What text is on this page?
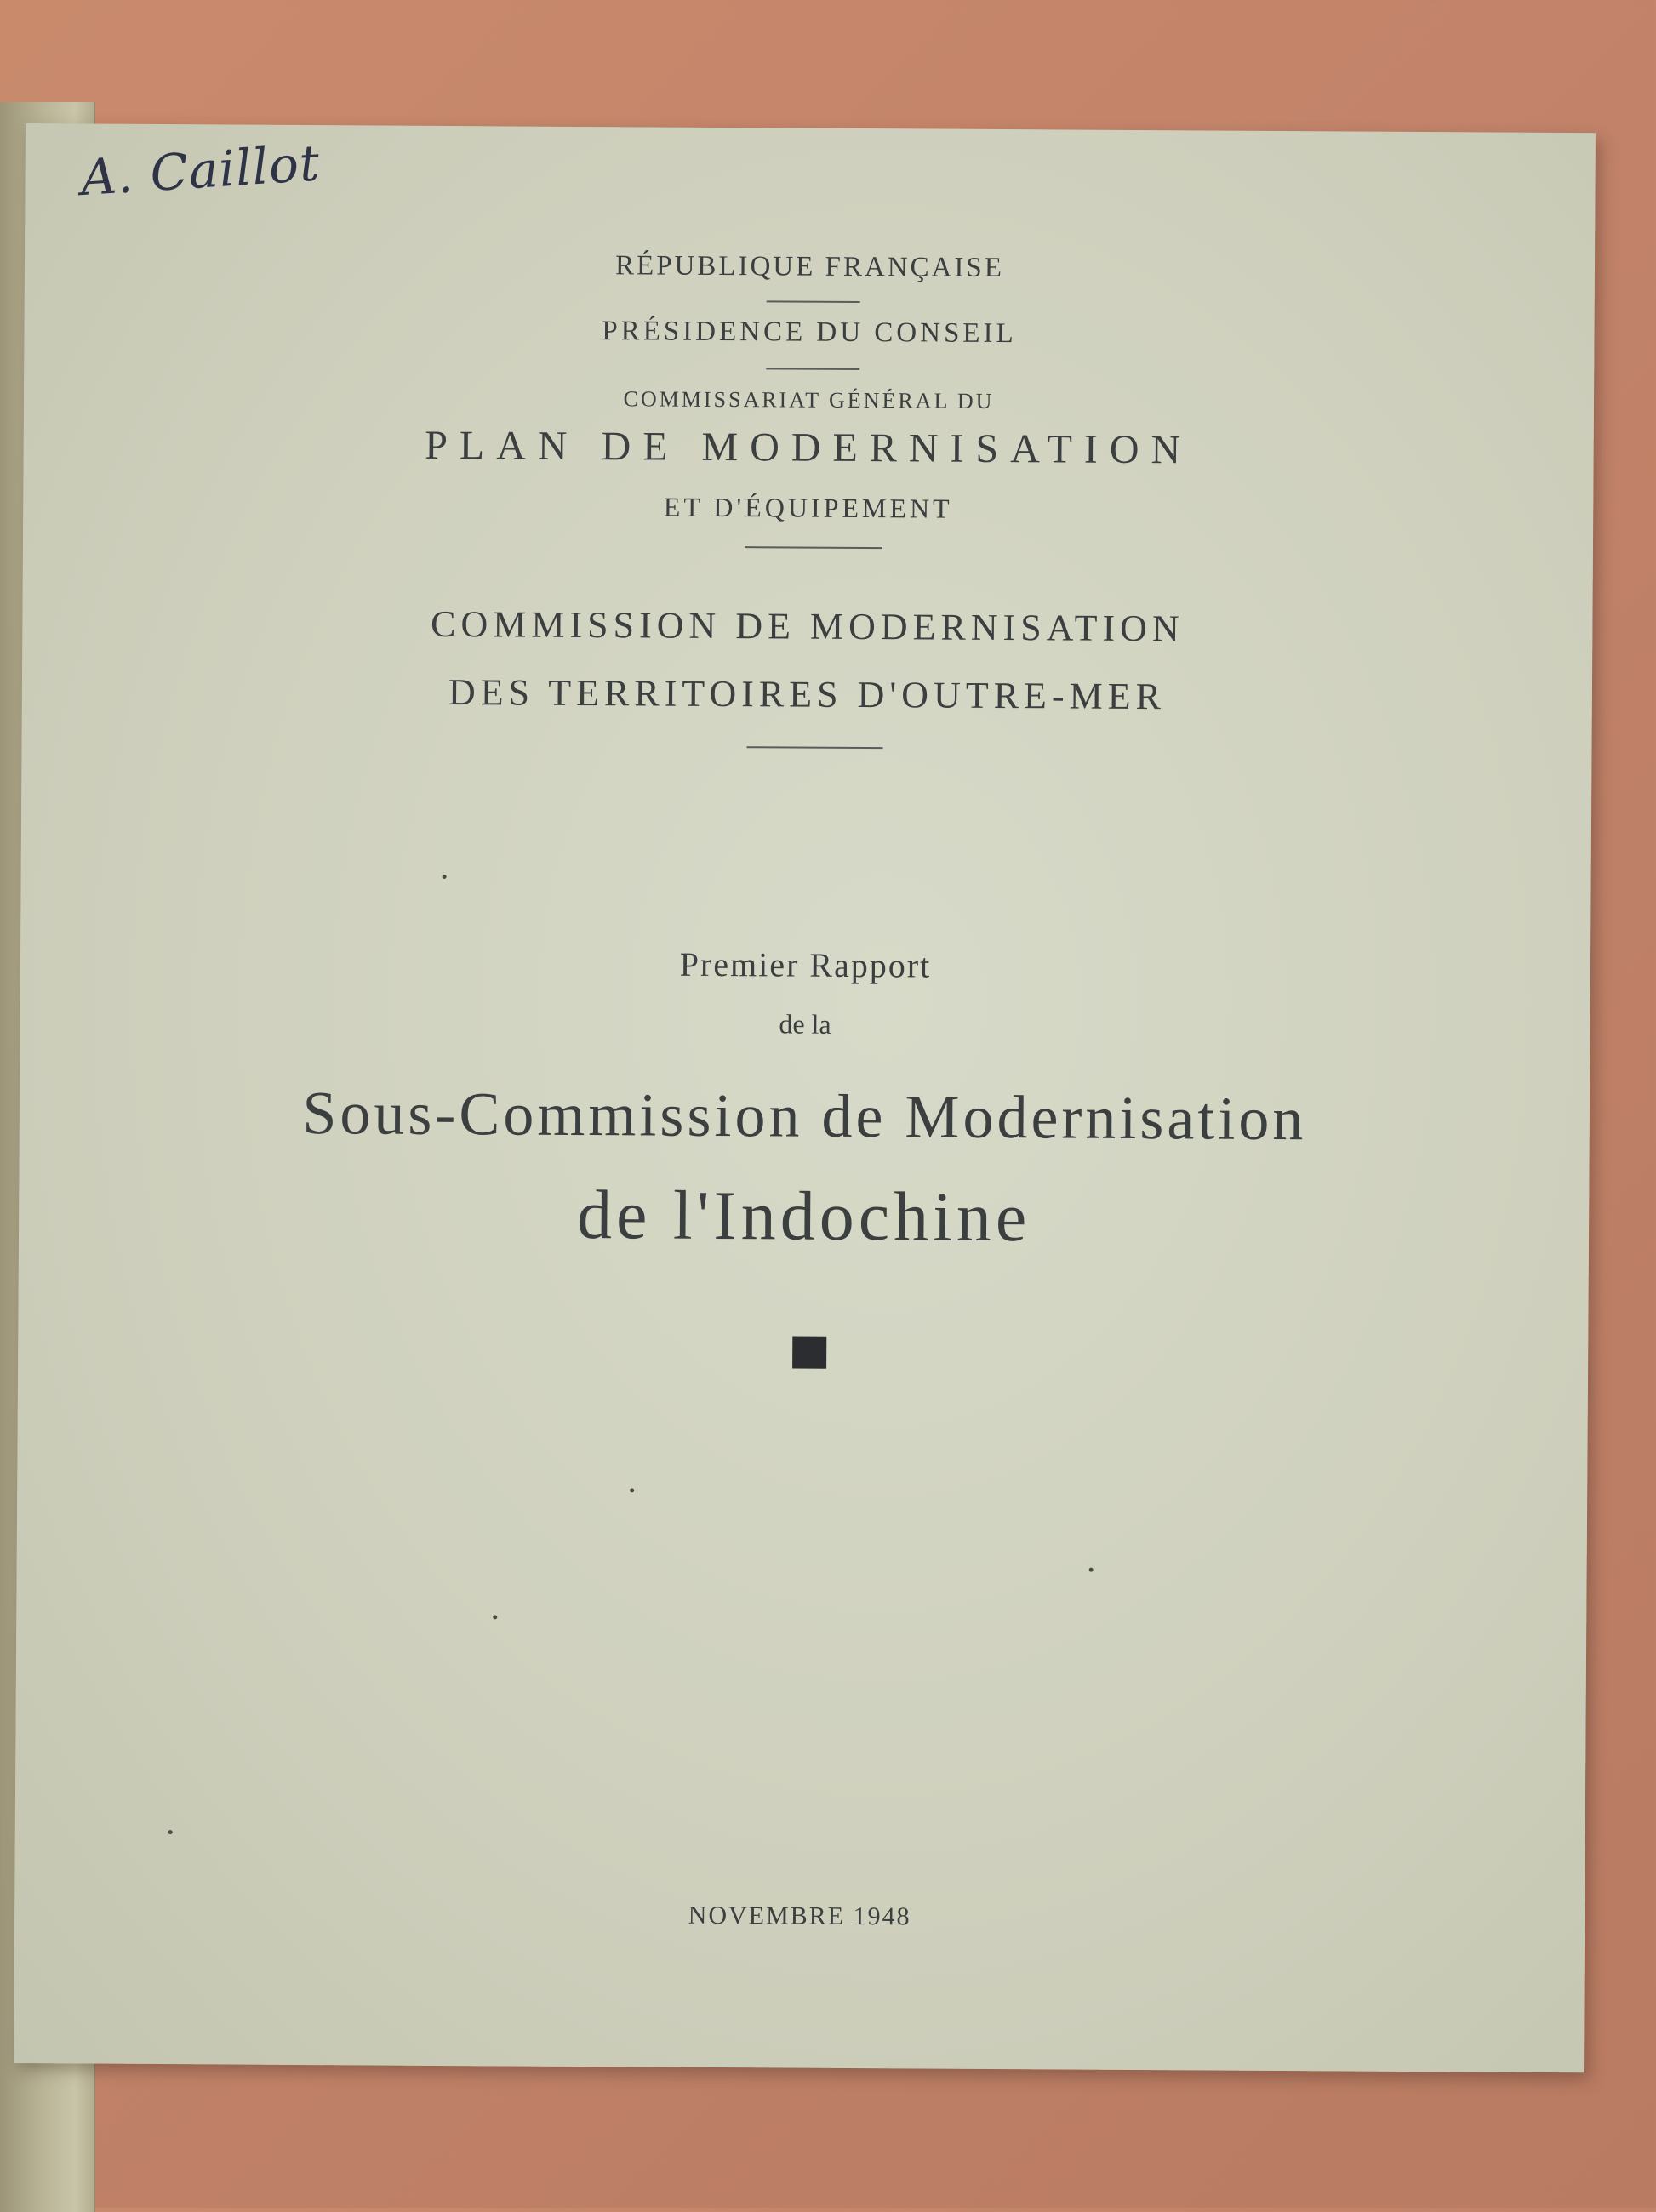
A. Caillot
RÉPUBLIQUE FRANÇAISE
PRÉSIDENCE DU CONSEIL
COMMISSARIAT GÉNÉRAL DU
PLAN DE MODERNISATION
ET D'ÉQUIPEMENT
COMMISSION DE MODERNISATION
DES TERRITOIRES D'OUTRE-MER
Premier Rapport
de la
Sous-Commission de Modernisation
de l'Indochine
NOVEMBRE 1948
